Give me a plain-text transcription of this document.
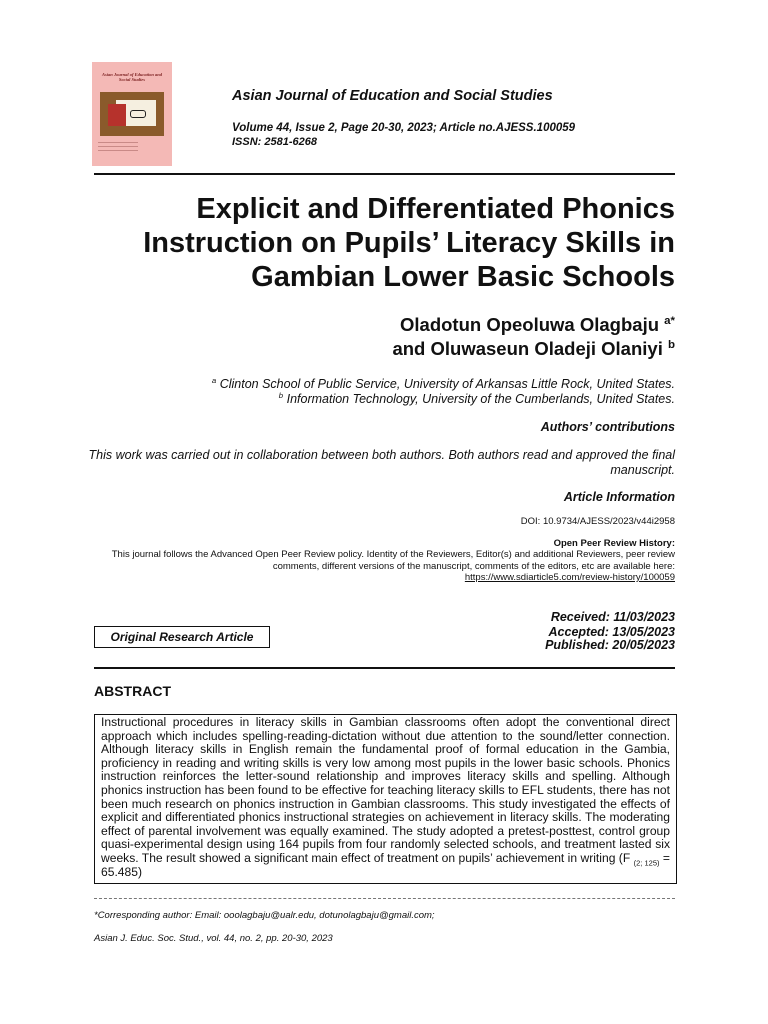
Asian Journal of Education and Social Studies
Asian Journal of Education and Social Studies
Volume 44, Issue 2, Page 20-30, 2023; Article no.AJESS.100059
ISSN: 2581-6268
Explicit and Differentiated Phonics
Instruction on Pupils’ Literacy Skills in
Gambian Lower Basic Schools
Oladotun Opeoluwa Olagbaju $^{a*}$
and Oluwaseun Oladeji Olaniyi $^b$
$^a$ Clinton School of Public Service, University of Arkansas Little Rock, United States.
$^b$ Information Technology, University of the Cumberlands, United States.
Authors’ contributions
This work was carried out in collaboration between both authors. Both authors read and approved the final manuscript.
Article Information
DOI: 10.9734/AJESS/2023/v44i2958
Open Peer Review History:
This journal follows the Advanced Open Peer Review policy. Identity of the Reviewers, Editor(s) and additional Reviewers, peer review comments, different versions of the manuscript, comments of the editors, etc are available here:
https://www.sdiarticle5.com/review-history/100059
Original Research Article
Received: 11/03/2023
Accepted: 13/05/2023
Published: 20/05/2023
ABSTRACT
Instructional procedures in literacy skills in Gambian classrooms often adopt the conventional direct approach which includes spelling-reading-dictation without due attention to the sound/letter connection. Although literacy skills in English remain the fundamental proof of formal education in the Gambia, proficiency in reading and writing skills is very low among most pupils in the lower basic schools. Phonics instruction reinforces the letter-sound relationship and improves literacy skills and spelling. Although phonics instruction has been found to be effective for teaching literacy skills to EFL students, there has not been much research on phonics instruction in Gambian classrooms. This study investigated the effects of explicit and differentiated phonics instructional strategies on achievement in literacy skills. The moderating effect of parental involvement was equally examined. The study adopted a pretest-posttest, control group quasi-experimental design using 164 pupils from four randomly selected schools, and treatment lasted six weeks. The result showed a significant main effect of treatment on pupils’ achievement in writing (F $_{(2; 125)}$ = 65.485)
*Corresponding author: Email: ooolagbaju@ualr.edu, dotunolagbaju@gmail.com;
Asian J. Educ. Soc. Stud., vol. 44, no. 2, pp. 20-30, 2023
